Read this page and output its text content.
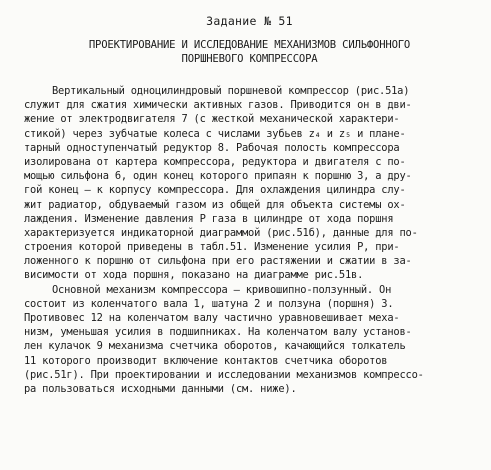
Задание № 51
ПРОЕКТИРОВАНИЕ И ИССЛЕДОВАНИЕ МЕХАНИЗМОВ СИЛЬФОННОГО
ПОРШНЕВОГО КОМПРЕССОРА
Вертикальный одноцилиндровый поршневой компрессор (рис.51а)
служит для сжатия химически активных газов. Приводится он в дви-
жение от электродвигателя 7 (с жесткой механической характери-
стикой) через зубчатые колеса с числами зубьев z₄ и z₅ и плане-
тарный одноступенчатый редуктор 8. Рабочая полость компрессора
изолирована от картера компрессора, редуктора и двигателя с по-
мощью сильфона 6, один конец которого припаян к поршню 3, а дру-
гой конец – к корпусу компрессора. Для охлаждения цилиндра слу-
жит радиатор, обдуваемый газом из общей для объекта системы ох-
лаждения. Изменение давления P газа в цилиндре от хода поршня
характеризуется индикаторной диаграммой (рис.51б), данные для по-
строения которой приведены в табл.51. Изменение усилия P, при-
ложенного к поршню от сильфона при его растяжении и сжатии в за-
висимости от хода поршня, показано на диаграмме рис.51в.
Основной механизм компрессора – кривошипно-ползунный. Он
состоит из коленчатого вала 1, шатуна 2 и ползуна (поршня) 3.
Противовес 12 на коленчатом валу частично уравновешивает меха-
низм, уменьшая усилия в подшипниках. На коленчатом валу установ-
лен кулачок 9 механизма счетчика оборотов, качающийся толкатель
11 которого производит включение контактов счетчика оборотов
(рис.51г). При проектировании и исследовании механизмов компрессо-
ра пользоваться исходными данными (см. ниже).
